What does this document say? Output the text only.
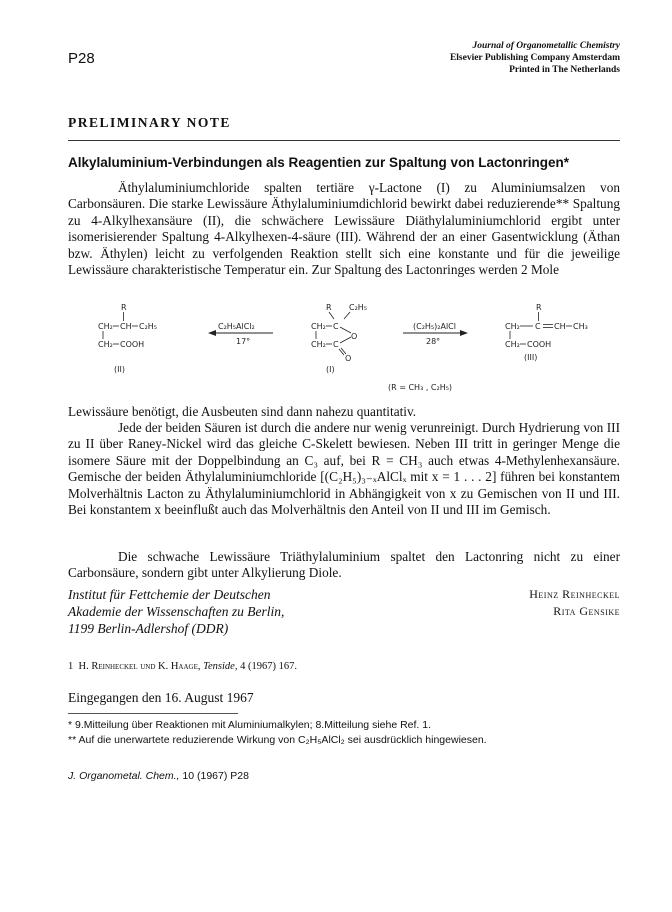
P28
Journal of Organometallic Chemistry
Elsevier Publishing Company Amsterdam
Printed in The Netherlands
PRELIMINARY NOTE
Alkylaluminium-Verbindungen als Reagentien zur Spaltung von Lactonringen*
Äthylaluminiumchloride spalten tertiäre γ-Lactone (I) zu Aluminiumsalzen von Carbonsäuren. Die starke Lewissäure Äthylaluminiumdichlorid bewirkt dabei reduzierende** Spaltung zu 4-Alkylhexansäure (II), die schwächere Lewissäure Diäthylaluminiumchlorid ergibt unter isomerisierender Spaltung 4-Alkylhexen-4-säure (III). Während der an einer Gasentwicklung (Äthan bzw. Äthylen) leicht zu verfolgenden Reaktion stellt sich eine konstante und für die jeweilige Lewissäure charakteristische Temperatur ein. Zur Spaltung des Lactonringes werden 2 Mole
R
CH₂ CH C₂H₅
CH₂ COOH
(II)
C₂H₅AlCl₂
17°
R C₂H₅
CH₂ C
O
CH₂ C
O
(I)
(C₂H₅)₂AlCl
28°
R
CH₂ C CH CH₃
CH₂ COOH
(III)
(R = CH₃ , C₂H₅)
Lewissäure benötigt, die Ausbeuten sind dann nahezu quantitativ.
Jede der beiden Säuren ist durch die andere nur wenig verunreinigt. Durch Hydrierung von III zu II über Raney-Nickel wird das gleiche C-Skelett bewiesen. Neben III tritt in geringer Menge die isomere Säure mit der Doppelbindung an C₃ auf, bei R = CH₃ auch etwas 4-Methylenhexansäure. Gemische der beiden Äthylaluminiumchloride [(C₂H₅)₃₋ₓAlClₓ mit x = 1 . . . 2] führen bei konstantem Molverhältnis Lacton zu Äthylaluminiumchlorid in Abhängigkeit von x zu Gemischen von II und III. Bei konstantem x beeinflußt auch das Molverhältnis den Anteil von II und III im Gemisch.
Die schwache Lewissäure Triäthylaluminium spaltet den Lactonring nicht zu einer Carbonsäure, sondern gibt unter Alkylierung Diole.
Institut für Fettchemie der Deutschen
Akademie der Wissenschaften zu Berlin,
1199 Berlin-Adlershof (DDR)
Heinz Reinheckel
Rita Gensike
1 H. Reinheckel und K. Haage, Tenside, 4 (1967) 167.
Eingegangen den 16. August 1967
* 9.Mitteilung über Reaktionen mit Aluminiumalkylen; 8.Mitteilung siehe Ref. 1.
** Auf die unerwartete reduzierende Wirkung von C₂H₅AlCl₂ sei ausdrücklich hingewiesen.
J. Organometal. Chem., 10 (1967) P28
